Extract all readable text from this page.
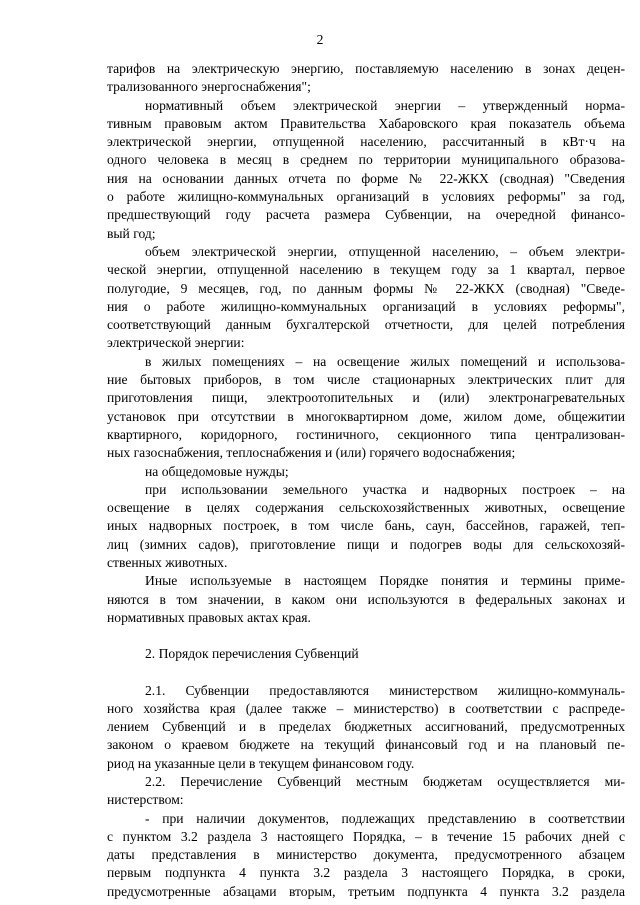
2
тарифов на электрическую энергию, поставляемую населению в зонах децен-
трализованного энергоснабжения";
нормативный объем электрической энергии – утвержденный норма-
тивным правовым актом Правительства Хабаровского края показатель объема
электрической энергии, отпущенной населению, рассчитанный в кВт·ч на
одного человека в месяц в среднем по территории муниципального образова-
ния на основании данных отчета по форме № 22-ЖКХ (сводная) "Сведения
о работе жилищно-коммунальных организаций в условиях реформы" за год,
предшествующий году расчета размера Субвенции, на очередной финансо-
вый год;
объем электрической энергии, отпущенной населению, – объем электри-
ческой энергии, отпущенной населению в текущем году за 1 квартал, первое
полугодие, 9 месяцев, год, по данным формы № 22-ЖКХ (сводная) "Сведе-
ния о работе жилищно-коммунальных организаций в условиях реформы",
соответствующий данным бухгалтерской отчетности, для целей потребления
электрической энергии:
в жилых помещениях – на освещение жилых помещений и использова-
ние бытовых приборов, в том числе стационарных электрических плит для
приготовления пищи, электроотопительных и (или) электронагревательных
установок при отсутствии в многоквартирном доме, жилом доме, общежитии
квартирного, коридорного, гостиничного, секционного типа централизован-
ных газоснабжения, теплоснабжения и (или) горячего водоснабжения;
на общедомовые нужды;
при использовании земельного участка и надворных построек – на
освещение в целях содержания сельскохозяйственных животных, освещение
иных надворных построек, в том числе бань, саун, бассейнов, гаражей, теп-
лиц (зимних садов), приготовление пищи и подогрев воды для сельскохозяй-
ственных животных.
Иные используемые в настоящем Порядке понятия и термины приме-
няются в том значении, в каком они используются в федеральных законах и
нормативных правовых актах края.
2. Порядок перечисления Субвенций
2.1. Субвенции предоставляются министерством жилищно-коммуналь-
ного хозяйства края (далее также – министерство) в соответствии с распреде-
лением Субвенций и в пределах бюджетных ассигнований, предусмотренных
законом о краевом бюджете на текущий финансовый год и на плановый пе-
риод на указанные цели в текущем финансовом году.
2.2. Перечисление Субвенций местным бюджетам осуществляется ми-
нистерством:
- при наличии документов, подлежащих представлению в соответствии
с пунктом 3.2 раздела 3 настоящего Порядка, – в течение 15 рабочих дней с
даты представления в министерство документа, предусмотренного абзацем
первым подпункта 4 пункта 3.2 раздела 3 настоящего Порядка, в сроки,
предусмотренные абзацами вторым, третьим подпункта 4 пункта 3.2 раздела
